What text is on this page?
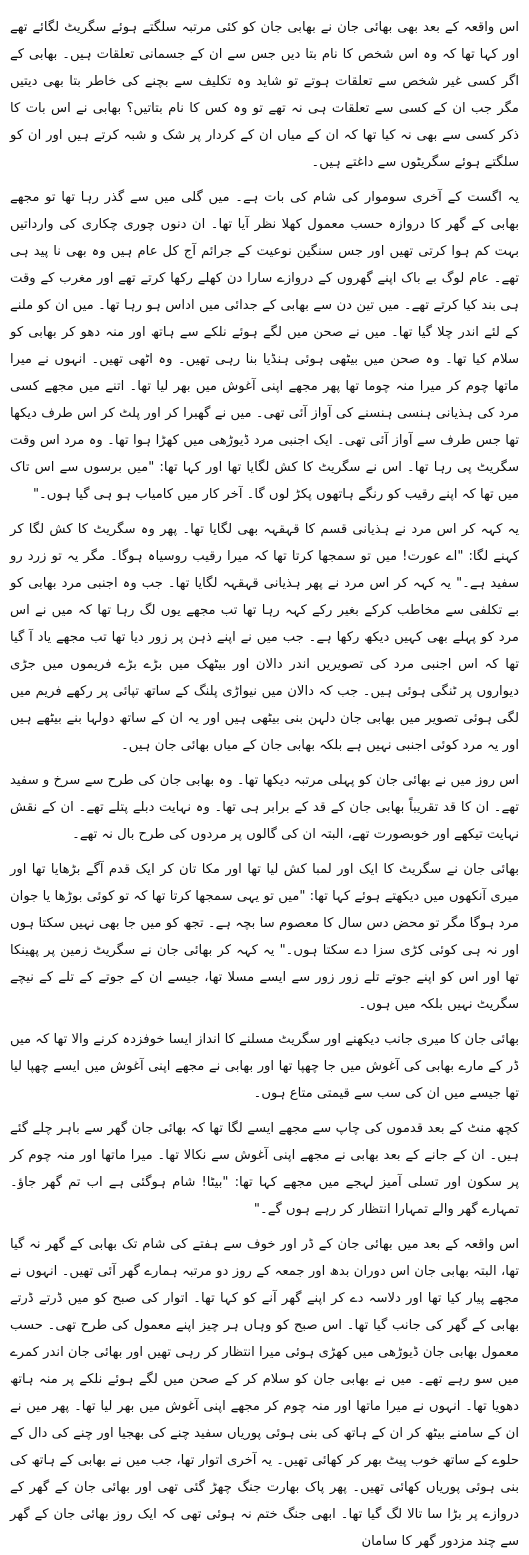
اس واقعہ کے بعد بھی بھائی جان نے بھابی جان کو کئی مرتبہ سلگتے ہوئے سگریٹ لگائے تھے اور کہا تھا کہ وہ اس شخص کا نام بتا دیں جس سے ان کے جسمانی تعلقات ہیں۔ بھابی کے اگر کسی غیر شخص سے تعلقات ہوتے تو شاید وہ تکلیف سے بچنے کی خاطر بتا بھی دیتیں مگر جب ان کے کسی سے تعلقات ہی نہ تھے تو وہ کس کا نام بتاتیں؟ بھابی نے اس بات کا ذکر کسی سے بھی نہ کیا تھا کہ ان کے میاں ان کے کردار پر شک و شبہ کرتے ہیں اور ان کو سلگتے ہوئے سگریٹوں سے داغتے ہیں۔

یہ اگست کے آخری سوموار کی شام کی بات ہے۔ میں گلی میں سے گذر رہا تھا تو مجھے بھابی کے گھر کا دروازہ حسب معمول کھلا نظر آیا تھا۔ ان دنوں چوری چکاری کی وارداتیں بہت کم ہوا کرتی تھیں اور جس سنگین نوعیت کے جرائم آج کل عام ہیں وہ بھی نا پید ہی تھے۔ عام لوگ بے باک اپنے گھروں کے دروازے سارا دن کھلے رکھا کرتے تھے اور مغرب کے وقت ہی بند کیا کرتے تھے۔ میں تین دن سے بھابی کے جدائی میں اداس ہو رہا تھا۔ میں ان کو ملنے کے لئے اندر چلا گیا تھا۔ میں نے صحن میں لگے ہوئے نلکے سے ہاتھ اور منہ دھو کر بھابی کو سلام کیا تھا۔ وہ صحن میں بیٹھی ہوئی ہنڈیا بنا رہی تھیں۔ وہ اٹھی تھیں۔ انہوں نے میرا ماتھا چوم کر میرا منہ چوما تھا پھر مجھے اپنی آغوش میں بھر لیا تھا۔ اتنے میں مجھے کسی مرد کی ہذیانی ہنسی ہنسنے کی آواز آئی تھی۔ میں نے گھبرا کر اور پلٹ کر اس طرف دیکھا تھا جس طرف سے آواز آئی تھی۔ ایک اجنبی مرد ڈیوڑھی میں کھڑا ہوا تھا۔ وہ مرد اس وقت سگریٹ پی رہا تھا۔ اس نے سگریٹ کا کش لگایا تھا اور کہا تھا: "میں برسوں سے اس تاک میں تھا کہ اپنے رقیب کو رنگے ہاتھوں پکڑ لوں گا۔ آخر کار میں کامیاب ہو ہی گیا ہوں۔"

یہ کہہ کر اس مرد نے ہذیانی قسم کا قہقہہ بھی لگایا تھا۔ پھر وہ سگریٹ کا کش لگا کر کہنے لگا: "اے عورت! میں تو سمجھا کرتا تھا کہ میرا رقیب روسیاہ ہوگا۔ مگر یہ تو زرد رو سفید ہے۔" یہ کہہ کر اس مرد نے پھر ہذیانی قہقہہ لگایا تھا۔ جب وہ اجنبی مرد بھابی کو بے تکلفی سے مخاطب کرکے بغیر رکے کہہ رہا تھا تب مجھے یوں لگ رہا تھا کہ میں نے اس مرد کو پہلے بھی کہیں دیکھ رکھا ہے۔ جب میں نے اپنے ذہن پر زور دیا تھا تب مجھے یاد آ گیا تھا کہ اس اجنبی مرد کی تصویریں اندر دالان اور بیٹھک میں بڑے بڑے فریموں میں جڑی دیواروں پر ٹنگی ہوئی ہیں۔ جب کہ دالان میں نیواڑی پلنگ کے ساتھ تپائی پر رکھے فریم میں لگی ہوئی تصویر میں بھابی جان دلہن بنی بیٹھی ہیں اور یہ ان کے ساتھ دولہا بنے بیٹھے ہیں اور یہ مرد کوئی اجنبی نہیں ہے بلکہ بھابی جان کے میاں بھائی جان ہیں۔

اس روز میں نے بھائی جان کو پہلی مرتبہ دیکھا تھا۔ وہ بھابی جان کی طرح سے سرخ و سفید تھے۔ ان کا قد تقریباً بھابی جان کے قد کے برابر ہی تھا۔ وہ نہایت دبلے پتلے تھے۔ ان کے نقش نہایت تیکھے اور خوبصورت تھے، البتہ ان کی گالوں پر مردوں کی طرح بال نہ تھے۔

بھائی جان نے سگریٹ کا ایک اور لمبا کش لیا تھا اور مکا تان کر ایک قدم آگے بڑھایا تھا اور میری آنکھوں میں دیکھتے ہوئے کہا تھا: "میں تو یہی سمجھا کرتا تھا کہ تو کوئی بوڑھا یا جوان مرد ہوگا مگر تو محض دس سال کا معصوم سا بچہ ہے۔ تجھ کو میں جا بھی نہیں سکتا ہوں اور نہ ہی کوئی کڑی سزا دے سکتا ہوں۔" یہ کہہ کر بھائی جان نے سگریٹ زمین پر پھینکا تھا اور اس کو اپنے جوتے تلے زور زور سے ایسے مسلا تھا، جیسے ان کے جوتے کے تلے کے نیچے سگریٹ نہیں بلکہ میں ہوں۔

بھائی جان کا میری جانب دیکھنے اور سگریٹ مسلنے کا انداز ایسا خوفزدہ کرنے والا تھا کہ میں ڈر کے مارے بھابی کی آغوش میں جا چھپا تھا اور بھابی نے مجھے اپنی آغوش میں ایسے چھپا لیا تھا جیسے میں ان کی سب سے قیمتی متاع ہوں۔

کچھ منٹ کے بعد قدموں کی چاپ سے مجھے ایسے لگا تھا کہ بھائی جان گھر سے باہر چلے گئے ہیں۔ ان کے جانے کے بعد بھابی نے مجھے اپنی آغوش سے نکالا تھا۔ میرا ماتھا اور منہ چوم کر پر سکون اور تسلی آمیز لہجے میں مجھے کہا تھا: "بیٹا! شام ہوگئی ہے اب تم گھر جاؤ۔ تمہارے گھر والے تمہارا انتظار کر رہے ہوں گے۔"

اس واقعہ کے بعد میں بھائی جان کے ڈر اور خوف سے ہفتے کی شام تک بھابی کے گھر نہ گیا تھا، البتہ بھابی جان اس دوران بدھ اور جمعہ کے روز دو مرتبہ ہمارے گھر آئی تھیں۔ انہوں نے مجھے پیار کیا تھا اور دلاسہ دے کر اپنے گھر آنے کو کہا تھا۔ اتوار کی صبح کو میں ڈرتے ڈرتے بھابی کے گھر کی جانب گیا تھا۔ اس صبح کو وہاں ہر چیز اپنے معمول کی طرح تھی۔ حسب معمول بھابی جان ڈیوڑھی میں کھڑی ہوئی میرا انتظار کر رہی تھیں اور بھائی جان اندر کمرے میں سو رہے تھے۔ میں نے بھابی جان کو سلام کر کے صحن میں لگے ہوئے نلکے پر منہ ہاتھ دھویا تھا۔ انہوں نے میرا ماتھا اور منہ چوم کر مجھے اپنی آغوش میں بھر لیا تھا۔ پھر میں نے ان کے سامنے بیٹھ کر ان کے ہاتھ کی بنی ہوئی پوریاں سفید چنے کی بھجیا اور چنے کی دال کے حلوے کے ساتھ خوب پیٹ بھر کر کھائی تھیں۔ یہ آخری اتوار تھا، جب میں نے بھابی کے ہاتھ کی بنی ہوئی پوریاں کھائی تھیں۔ پھر پاک بھارت جنگ چھڑ گئی تھی اور بھائی جان کے گھر کے دروازے پر بڑا سا تالا لگ گیا تھا۔ ابھی جنگ ختم نہ ہوئی تھی کہ ایک روز بھائی جان کے گھر سے چند مزدور گھر کا سامان
